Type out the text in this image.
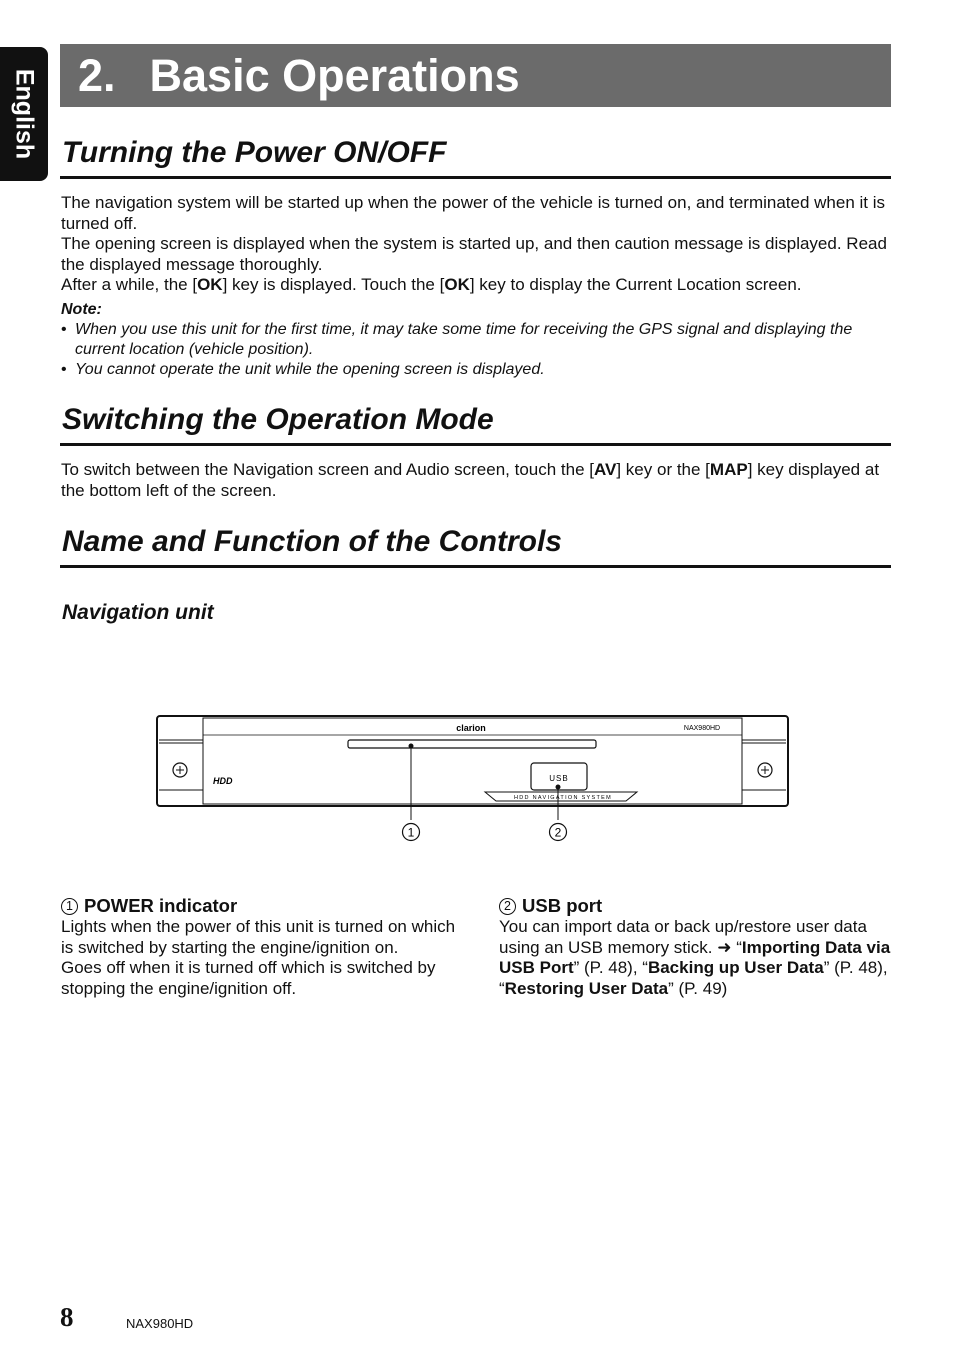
English 2. Basic Operations
Turning the Power ON/OFF

The navigation system will be started up when the power of the vehicle is turned on, and terminated when it is turned off.

The opening screen is displayed when the system is started up, and then caution message is displayed. Read the displayed message thoroughly.

After a while, the [OK] key is displayed. Touch the [OK] key to display the Current Location screen.

Note:

• When you use this unit for the first time, it may take some time for receiving the GPS signal and displaying the current location (vehicle position).
• You cannot operate the unit while the opening screen is displayed.
Switching the Operation Mode

To switch between the Navigation screen and Audio screen, touch the [AV] key or the [MAP] key displayed at the bottom left of the screen.

Name and Function of the Controls

Navigation unit

clarion	NAX980HD
HDD	USB
HDD NAVIGATION SYSTEM
1	2
1 POWER indicator
Lights when the power of this unit is turned on which is switched by starting the engine/ignition on.
Goes off when it is turned off which is switched by stopping the engine/ignition off.
2 USB port
You can import data or back up/restore user data using an USB memory stick. ➜ “Importing Data via USB Port” (P. 48), “Backing up User Data” (P. 48), “Restoring User Data” (P. 49)

8	NAX980HD
